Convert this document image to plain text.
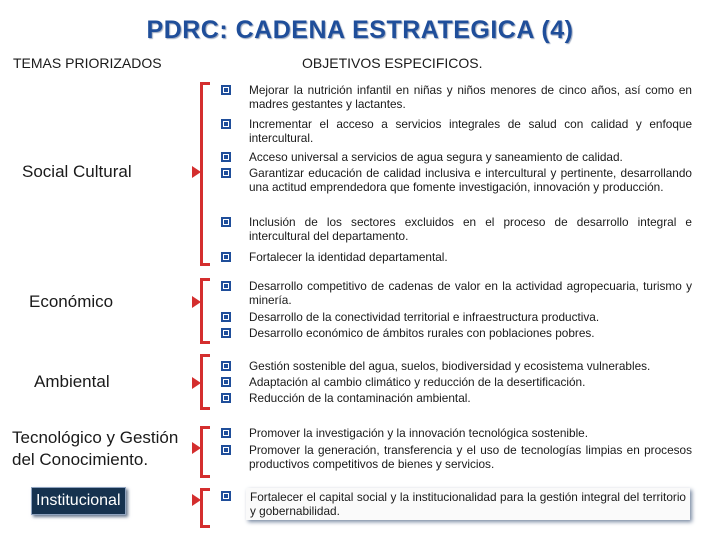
PDRC: CADENA ESTRATEGICA (4)
TEMAS PRIORIZADOS	OBJETIVOS ESPECIFICOS.
Social Cultural
Económico
Ambiental
Tecnológico y Gestión del Conocimiento.
Institucional
Mejorar la nutrición infantil en niñas y niños menores de cinco años, así como en madres gestantes y lactantes.
Incrementar el acceso a servicios integrales de salud con calidad y enfoque intercultural.
Acceso universal a servicios de agua segura y saneamiento de calidad.
Garantizar educación de calidad inclusiva e intercultural y pertinente, desarrollando una actitud emprendedora que fomente investigación, innovación y producción.
Inclusión de los sectores excluidos en el proceso de desarrollo integral e intercultural del departamento.
Fortalecer la identidad departamental.
Desarrollo competitivo de cadenas de valor en la actividad agropecuaria, turismo y minería.
Desarrollo de la conectividad territorial e infraestructura productiva.
Desarrollo económico de ámbitos rurales con poblaciones pobres.
Gestión sostenible del agua, suelos, biodiversidad y ecosistema vulnerables.
Adaptación al cambio climático y reducción de la desertificación.
Reducción de la contaminación ambiental.
Promover la investigación y la innovación tecnológica sostenible.
Promover la generación, transferencia y el uso de tecnologías limpias en procesos productivos competitivos de bienes y servicios.
Fortalecer el capital social y la institucionalidad para la gestión integral del territorio y gobernabilidad.
